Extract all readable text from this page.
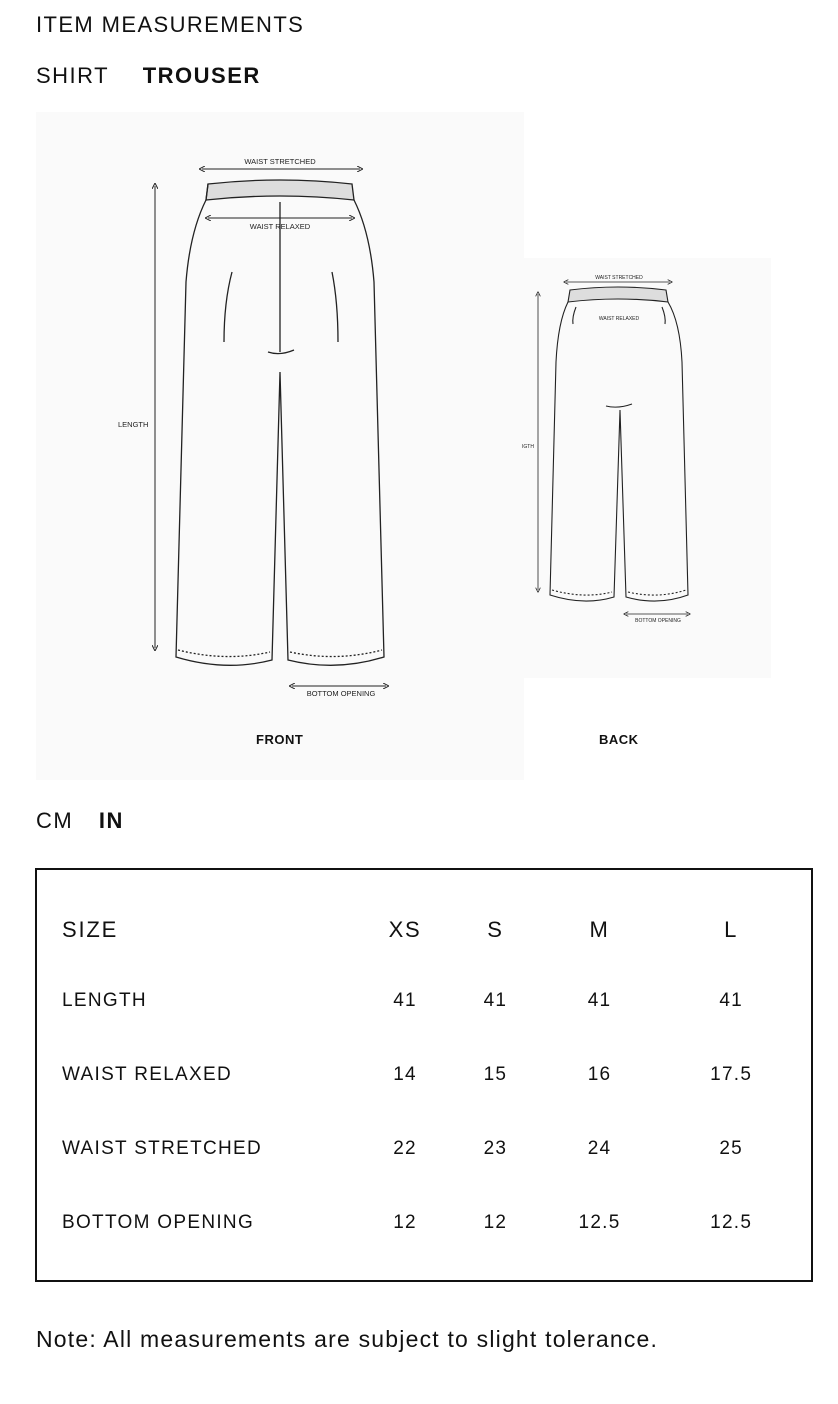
ITEM MEASUREMENTS
SHIRT TROUSER
WAIST STRETCHED
WAIST RELAXED
LENGTH
BOTTOM OPENING
WAIST STRETCHED
WAIST RELAXED
IGTH
BOTTOM OPENING
FRONT	BACK
CM IN
SIZE	XS	S	M	L
LENGTH	41	41	41	41
WAIST RELAXED	14	15	16	17.5
WAIST STRETCHED	22	23	24	25
BOTTOM OPENING	12	12	12.5	12.5
Note: All measurements are subject to slight tolerance.
